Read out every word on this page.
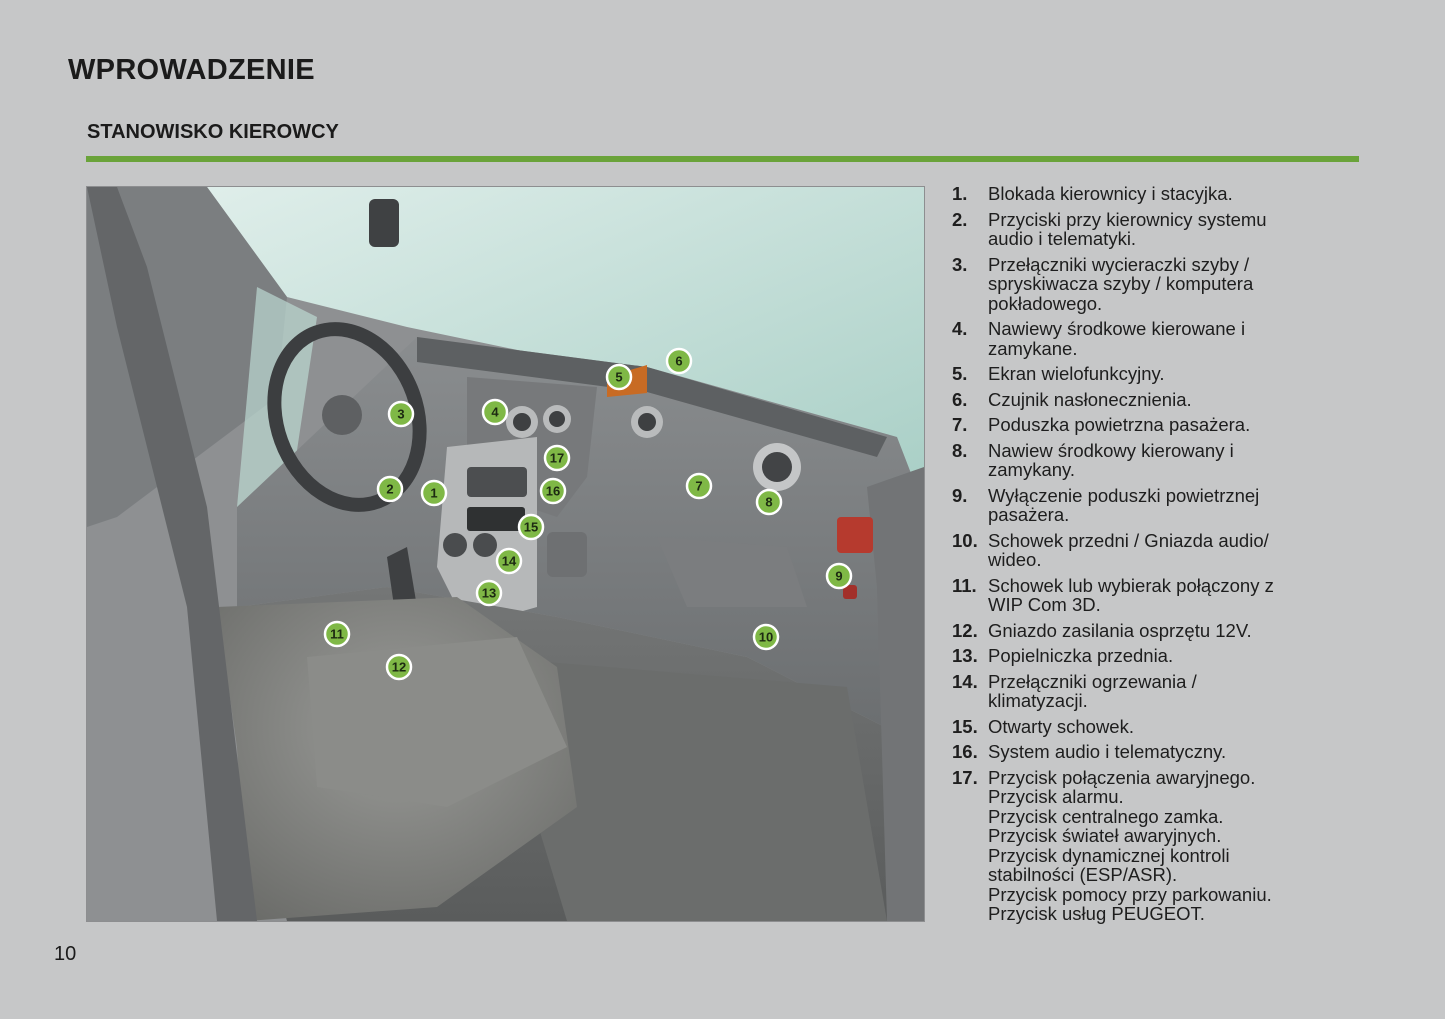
WPROWADZENIE
STANOWISKO KIEROWCY
1
2
3	4
5
6
7
8
9
10
11
12
13
14
15
16
17
1.	Blokada kierownicy i stacyjka.
2.	Przyciski przy kierownicy systemu
audio i telematyki.
3.	Przełączniki wycieraczki szyby /
spryskiwacza szyby / komputera
pokładowego.
4.	Nawiewy środkowe kierowane i
zamykane.
5.	Ekran wielofunkcyjny.
6.	Czujnik nasłonecznienia.
7.	Poduszka powietrzna pasażera.
8.	Nawiew środkowy kierowany i
zamykany.
9.	Wyłączenie poduszki powietrznej
pasażera.
10. Schowek przedni / Gniazda audio/
wideo.
11. Schowek lub wybierak połączony z
WIP Com 3D.
12. Gniazdo zasilania osprzętu 12V.
13. Popielniczka przednia.
14. Przełączniki ogrzewania /
klimatyzacji.
15. Otwarty schowek.
16. System audio i telematyczny.
17. Przycisk połączenia awaryjnego.
Przycisk alarmu.
Przycisk centralnego zamka.
Przycisk świateł awaryjnych.
Przycisk dynamicznej kontroli
stabilności (ESP/ASR).
Przycisk pomocy przy parkowaniu.
Przycisk usług PEUGEOT.
10
